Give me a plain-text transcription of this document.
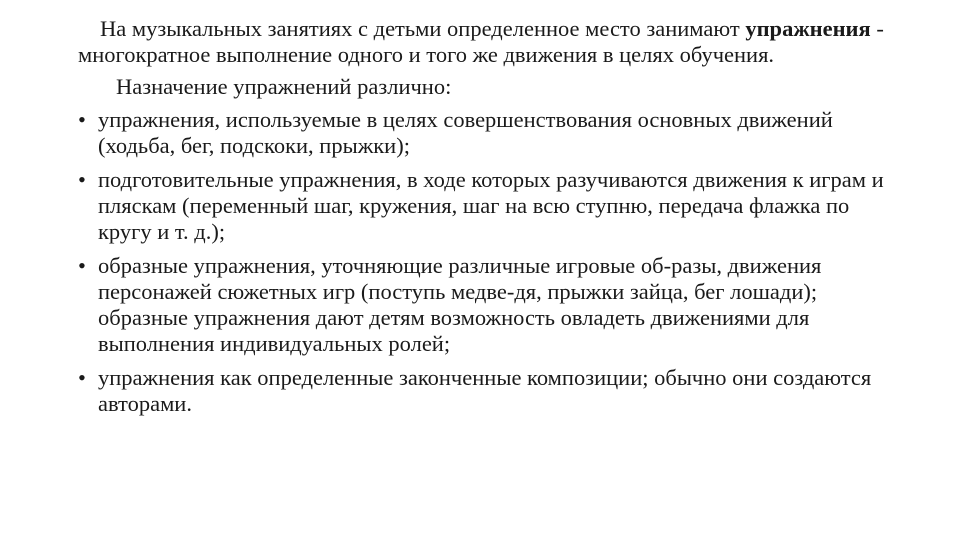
На музыкальных занятиях с детьми определенное место занимают упражнения - многократное выполнение одного и того же движения в целях обучения.

Назначение упражнений различно:

• упражнения, используемые в целях совершенствования основных движений (ходьба, бег, подскоки, прыжки);
• подготовительные упражнения, в ходе которых разучиваются движения к играм и пляскам (переменный шаг, кружения, шаг на всю ступню, передача флажка по кругу и т. д.);
• образные упражнения, уточняющие различные игровые об-разы, движения персонажей сюжетных игр (поступь медве-дя, прыжки зайца, бег лошади); образные упражнения дают детям возможность овладеть движениями для выполнения индивидуальных ролей;
• упражнения как определенные законченные композиции; обычно они создаются авторами.
